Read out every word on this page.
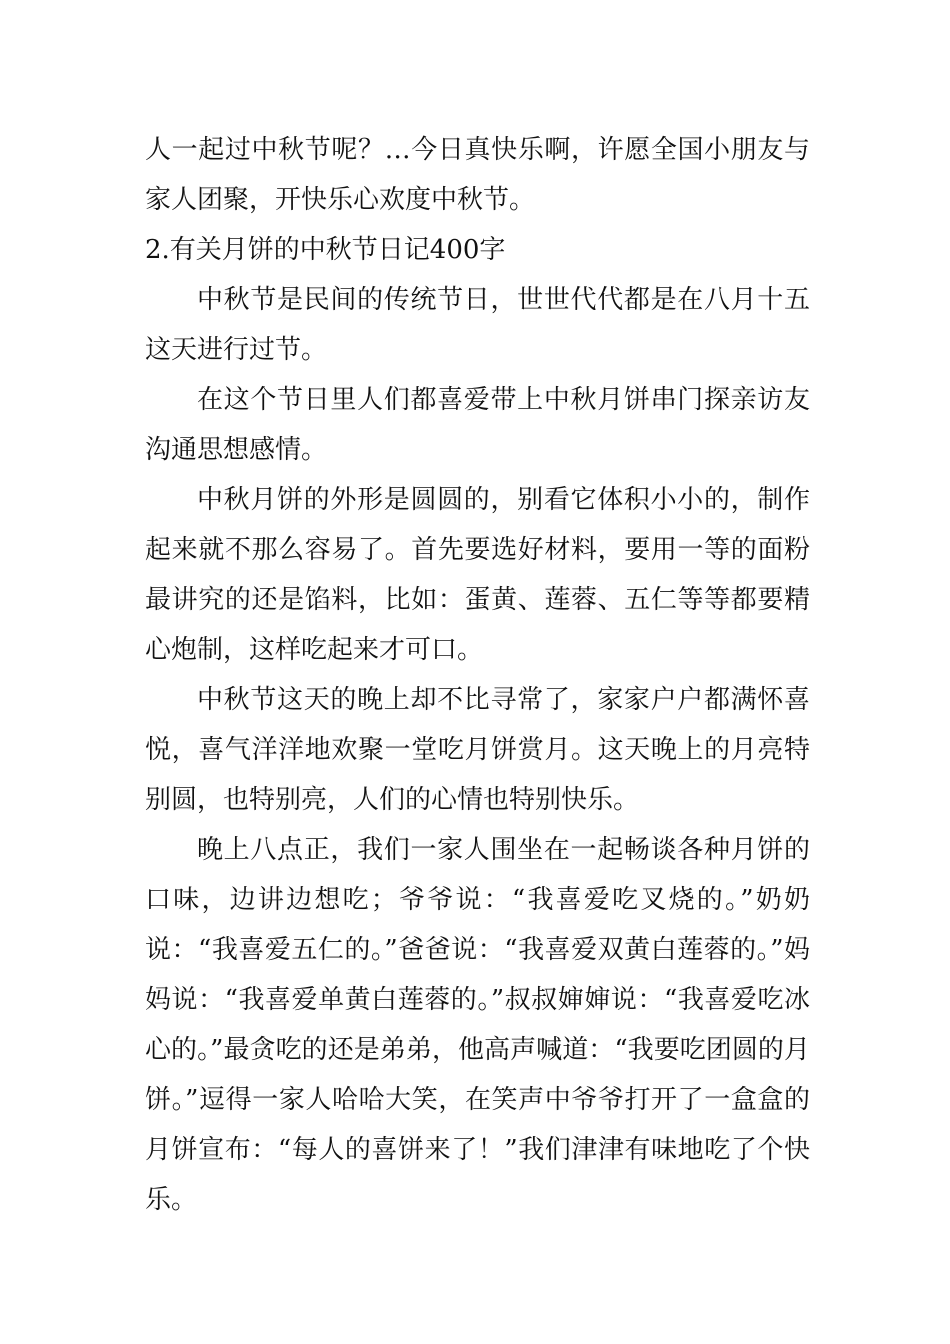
人一起过中秋节呢？…今日真快乐啊，许愿全国小朋友与家人团聚，开快乐心欢度中秋节。

2.有关月饼的中秋节日记400字

中秋节是民间的传统节日，世世代代都是在八月十五这天进行过节。

在这个节日里人们都喜爱带上中秋月饼串门探亲访友沟通思想感情。

中秋月饼的外形是圆圆的，别看它体积小小的，制作起来就不那么容易了。首先要选好材料，要用一等的面粉最讲究的还是馅料，比如：蛋黄、莲蓉、五仁等等都要精心炮制，这样吃起来才可口。

中秋节这天的晚上却不比寻常了，家家户户都满怀喜悦，喜气洋洋地欢聚一堂吃月饼赏月。这天晚上的月亮特别圆，也特别亮，人们的心情也特别快乐。

晚上八点正，我们一家人围坐在一起畅谈各种月饼的口味，边讲边想吃；爷爷说：“我喜爱吃叉烧的。”奶奶说：“我喜爱五仁的。”爸爸说：“我喜爱双黄白莲蓉的。”妈妈说：“我喜爱单黄白莲蓉的。”叔叔婶婶说：“我喜爱吃冰心的。”最贪吃的还是弟弟，他高声喊道：“我要吃团圆的月饼。”逗得一家人哈哈大笑，在笑声中爷爷打开了一盒盒的月饼宣布：“每人的喜饼来了！”我们津津有味地吃了个快乐。
